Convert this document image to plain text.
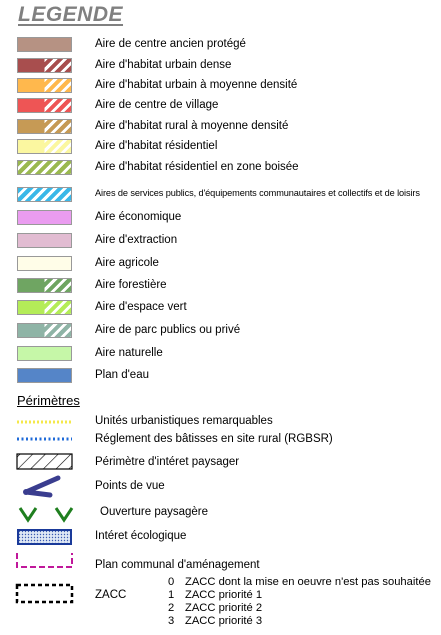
LEGENDE
Aire de centre ancien protégé
Aire d'habitat urbain dense
Aire d'habitat urbain à moyenne densité
Aire de centre de village
Aire d'habitat rural à moyenne densité
Aire d'habitat résidentiel
Aire d'habitat résidentiel en zone boisée
Aires de services publics, d'équipements communautaires et collectifs et de loisirs
Aire économique
Aire d'extraction
Aire agricole
Aire forestière
Aire d'espace vert
Aire de parc publics ou privé
Aire naturelle
Plan d'eau
Périmètres
Unités urbanistiques remarquables
Réglement des bâtisses en site rural (RGBSR)
Périmètre d'intéret paysager
Points de vue
Ouverture paysagère
Intéret écologique
Plan communal d'aménagement
ZACC
0 ZACC dont la mise en oeuvre n'est pas souhaitée
1 ZACC priorité 1
2 ZACC priorité 2
3 ZACC priorité 3
